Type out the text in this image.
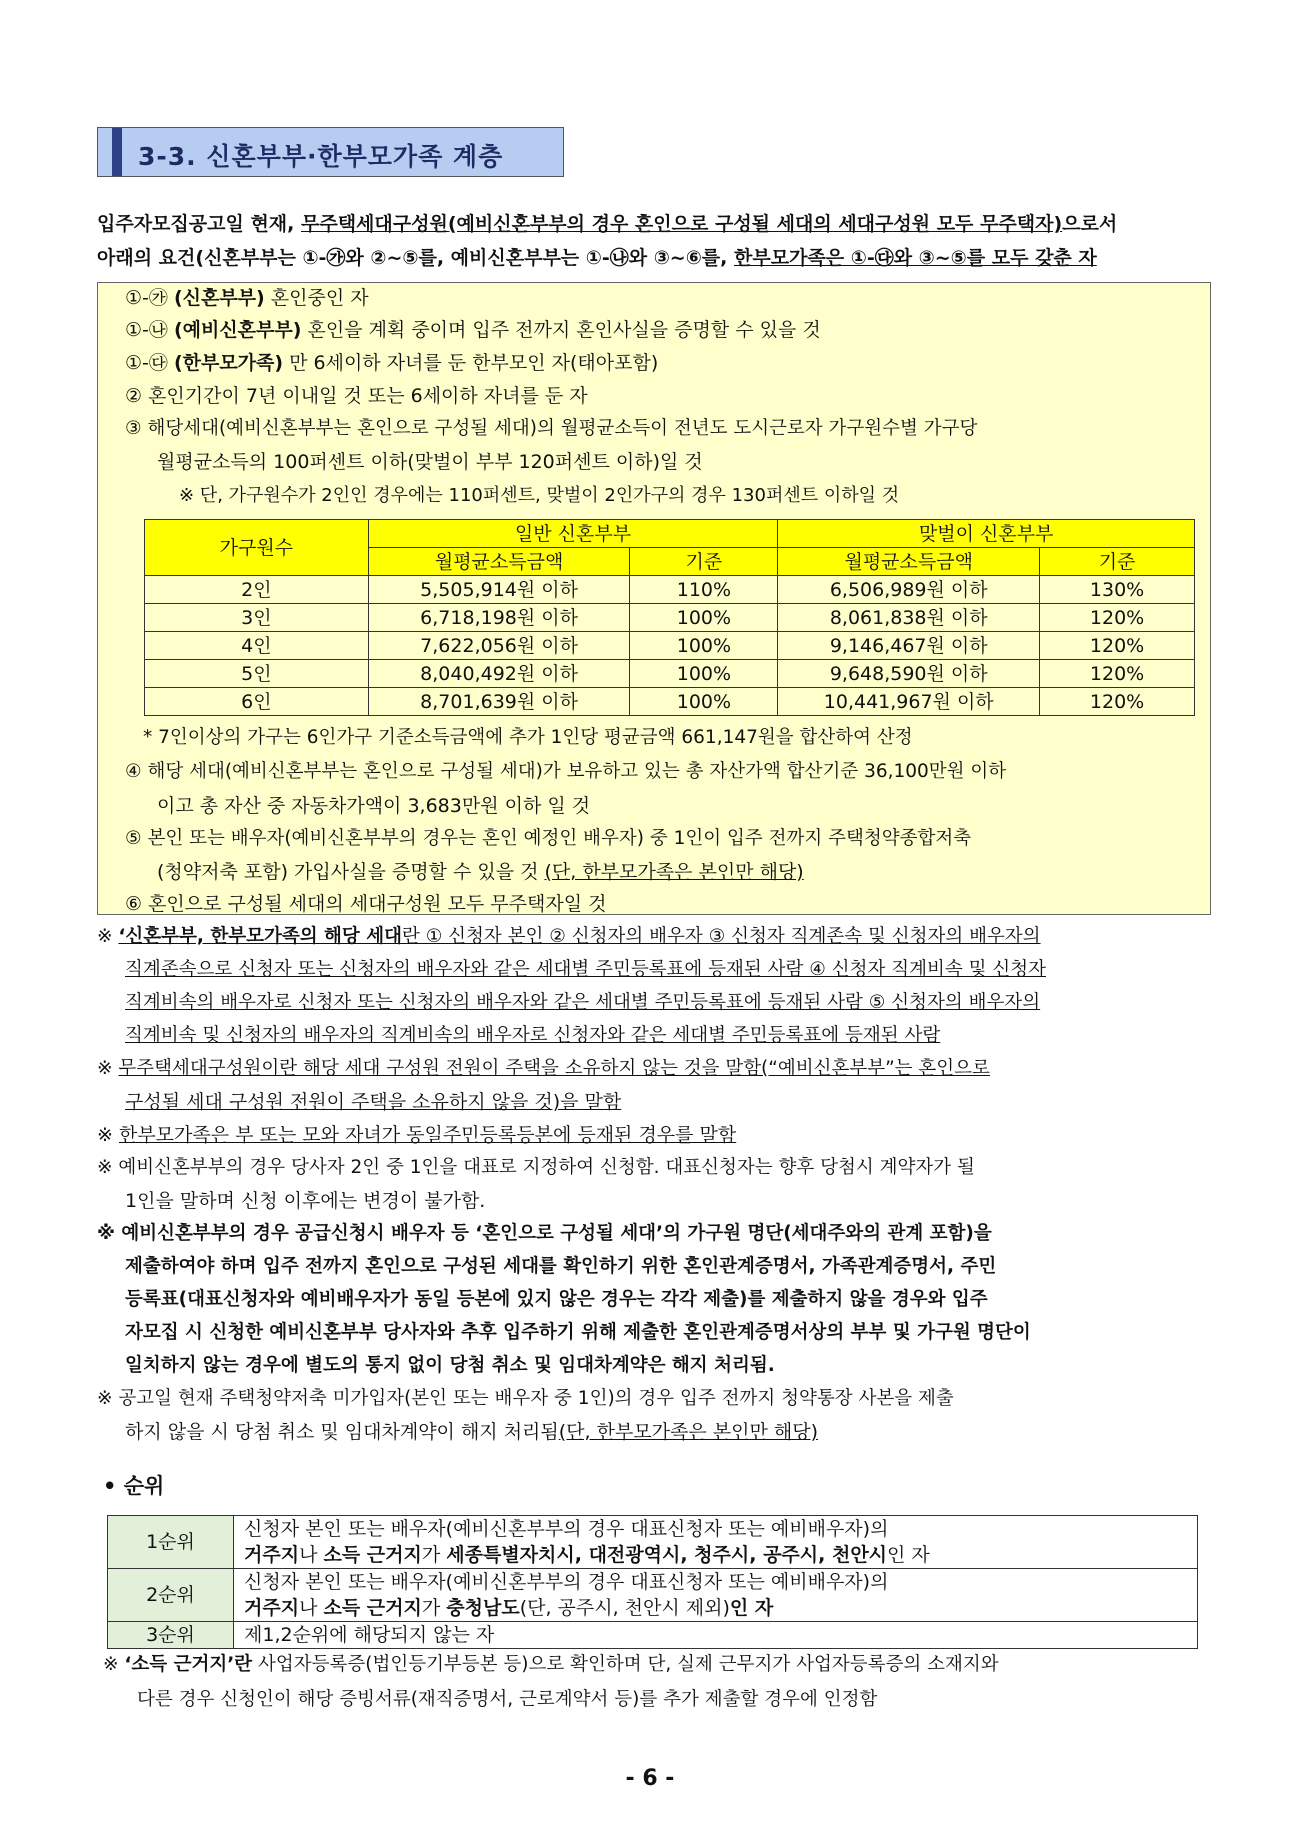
3-3. 신혼부부·한부모가족 계층
입주자모집공고일 현재, 무주택세대구성원(예비신혼부부의 경우 혼인으로 구성될 세대의 세대구성원 모두 무주택자)으로서
아래의 요건(신혼부부는 ①-㉮와 ②~⑤를, 예비신혼부부는 ①-㉯와 ③~⑥를, 한부모가족은 ①-㉰와 ③~⑤를 모두 갖춘 자
①-㉮ (신혼부부) 혼인중인 자
①-㉯ (예비신혼부부) 혼인을 계획 중이며 입주 전까지 혼인사실을 증명할 수 있을 것
①-㉰ (한부모가족) 만 6세이하 자녀를 둔 한부모인 자(태아포함)
② 혼인기간이 7년 이내일 것 또는 6세이하 자녀를 둔 자
③ 해당세대(예비신혼부부는 혼인으로 구성될 세대)의 월평균소득이 전년도 도시근로자 가구원수별 가구당
월평균소득의 100퍼센트 이하(맞벌이 부부 120퍼센트 이하)일 것
※ 단, 가구원수가 2인인 경우에는 110퍼센트, 맞벌이 2인가구의 경우 130퍼센트 이하일 것
가구원수	일반 신혼부부		맞벌이 신혼부부	
	월평균소득금액	기준	월평균소득금액	기준
2인	5,505,914원 이하	110%	6,506,989원 이하	130%
3인	6,718,198원 이하	100%	8,061,838원 이하	120%
4인	7,622,056원 이하	100%	9,146,467원 이하	120%
5인	8,040,492원 이하	100%	9,648,590원 이하	120%
6인	8,701,639원 이하	100%	10,441,967원 이하	120%
* 7인이상의 가구는 6인가구 기준소득금액에 추가 1인당 평균금액 661,147원을 합산하여 산정
④ 해당 세대(예비신혼부부는 혼인으로 구성될 세대)가 보유하고 있는 총 자산가액 합산기준 36,100만원 이하
이고 총 자산 중 자동차가액이 3,683만원 이하 일 것
⑤ 본인 또는 배우자(예비신혼부부의 경우는 혼인 예정인 배우자) 중 1인이 입주 전까지 주택청약종합저축
(청약저축 포함) 가입사실을 증명할 수 있을 것 (단, 한부모가족은 본인만 해당)
⑥ 혼인으로 구성될 세대의 세대구성원 모두 무주택자일 것
※ ‘신혼부부, 한부모가족의 해당 세대란 ① 신청자 본인 ② 신청자의 배우자 ③ 신청자 직계존속 및 신청자의 배우자의
직계존속으로 신청자 또는 신청자의 배우자와 같은 세대별 주민등록표에 등재된 사람 ④ 신청자 직계비속 및 신청자
직계비속의 배우자로 신청자 또는 신청자의 배우자와 같은 세대별 주민등록표에 등재된 사람 ⑤ 신청자의 배우자의
직계비속 및 신청자의 배우자의 직계비속의 배우자로 신청자와 같은 세대별 주민등록표에 등재된 사람
※ 무주택세대구성원이란 해당 세대 구성원 전원이 주택을 소유하지 않는 것을 말함(“예비신혼부부”는 혼인으로
구성될 세대 구성원 전원이 주택을 소유하지 않을 것)을 말함
※ 한부모가족은 부 또는 모와 자녀가 동일주민등록등본에 등재된 경우를 말함
※ 예비신혼부부의 경우 당사자 2인 중 1인을 대표로 지정하여 신청함. 대표신청자는 향후 당첨시 계약자가 될
1인을 말하며 신청 이후에는 변경이 불가함.
※ 예비신혼부부의 경우 공급신청시 배우자 등 ‘혼인으로 구성될 세대’의 가구원 명단(세대주와의 관계 포함)을
제출하여야 하며 입주 전까지 혼인으로 구성된 세대를 확인하기 위한 혼인관계증명서, 가족관계증명서, 주민
등록표(대표신청자와 예비배우자가 동일 등본에 있지 않은 경우는 각각 제출)를 제출하지 않을 경우와 입주
자모집 시 신청한 예비신혼부부 당사자와 추후 입주하기 위해 제출한 혼인관계증명서상의 부부 및 가구원 명단이
일치하지 않는 경우에 별도의 통지 없이 당첨 취소 및 임대차계약은 해지 처리됨.
※ 공고일 현재 주택청약저축 미가입자(본인 또는 배우자 중 1인)의 경우 입주 전까지 청약통장 사본을 제출
하지 않을 시 당첨 취소 및 임대차계약이 해지 처리됨(단, 한부모가족은 본인만 해당)
• 순위
1순위	신청자 본인 또는 배우자(예비신혼부부의 경우 대표신청자 또는 예비배우자)의
	거주지나 소득 근거지가 세종특별자치시, 대전광역시, 청주시, 공주시, 천안시인 자
2순위	신청자 본인 또는 배우자(예비신혼부부의 경우 대표신청자 또는 예비배우자)의
	거주지나 소득 근거지가 충청남도(단, 공주시, 천안시 제외)인 자
3순위	제1,2순위에 해당되지 않는 자
※ ‘소득 근거지’란 사업자등록증(법인등기부등본 등)으로 확인하며 단, 실제 근무지가 사업자등록증의 소재지와
다른 경우 신청인이 해당 증빙서류(재직증명서, 근로계약서 등)를 추가 제출할 경우에 인정함
- 6 -
